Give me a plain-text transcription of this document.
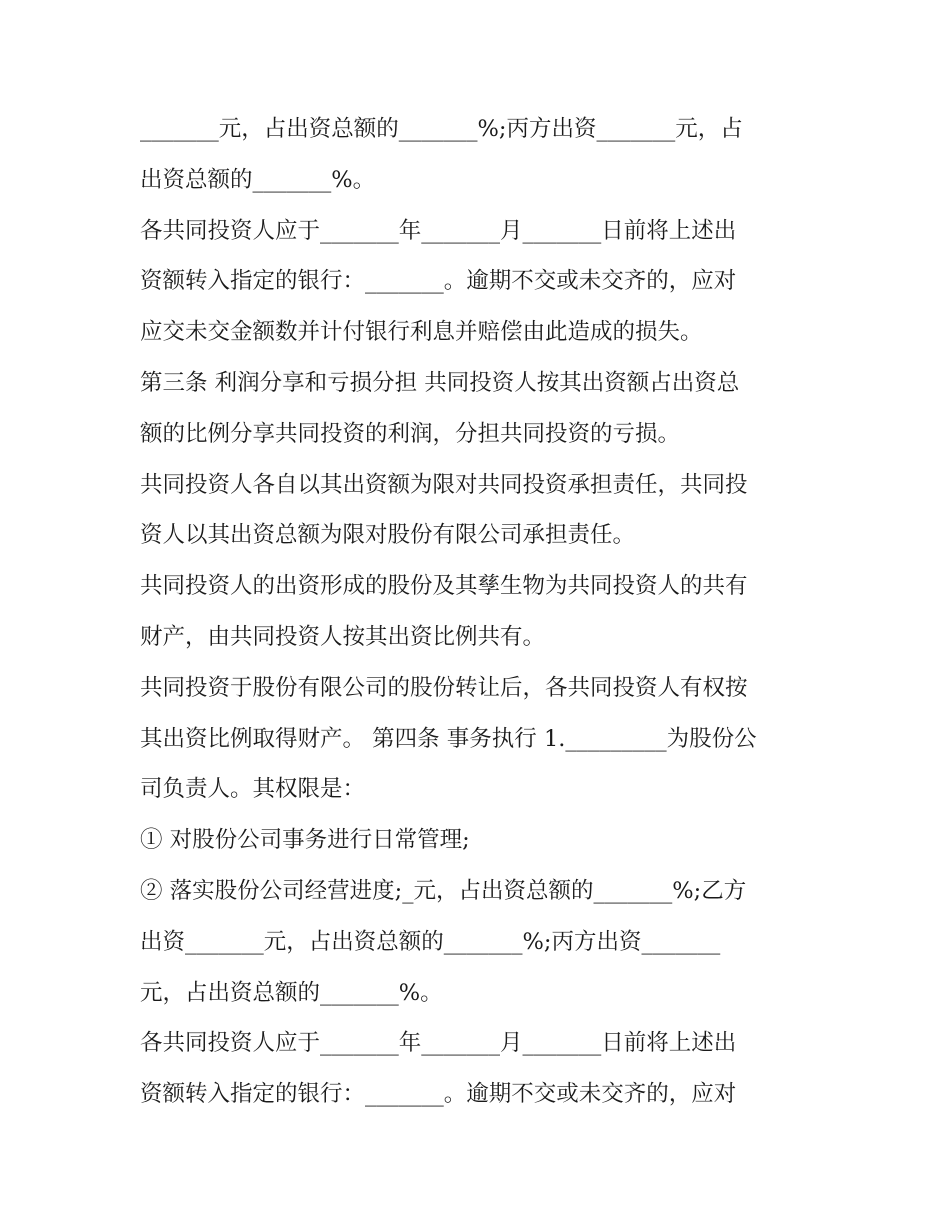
_______元，占出资总额的_______%;丙方出资_______元，占
出资总额的_______%。
各共同投资人应于_______年_______月_______日前将上述出
资额转入指定的银行：_______。逾期不交或未交齐的，应对
应交未交金额数并计付银行利息并赔偿由此造成的损失。
第三条 利润分享和亏损分担 共同投资人按其出资额占出资总
额的比例分享共同投资的利润，分担共同投资的亏损。
共同投资人各自以其出资额为限对共同投资承担责任，共同投
资人以其出资总额为限对股份有限公司承担责任。
共同投资人的出资形成的股份及其孳生物为共同投资人的共有
财产，由共同投资人按其出资比例共有。
共同投资于股份有限公司的股份转让后，各共同投资人有权按
其出资比例取得财产。 第四条 事务执行 1._________为股份公
司负责人。其权限是：
① 对股份公司事务进行日常管理;
② 落实股份公司经营进度;_元，占出资总额的_______%;乙方
出资_______元，占出资总额的_______%;丙方出资_______
元，占出资总额的_______%。
各共同投资人应于_______年_______月_______日前将上述出
资额转入指定的银行：_______。逾期不交或未交齐的，应对
